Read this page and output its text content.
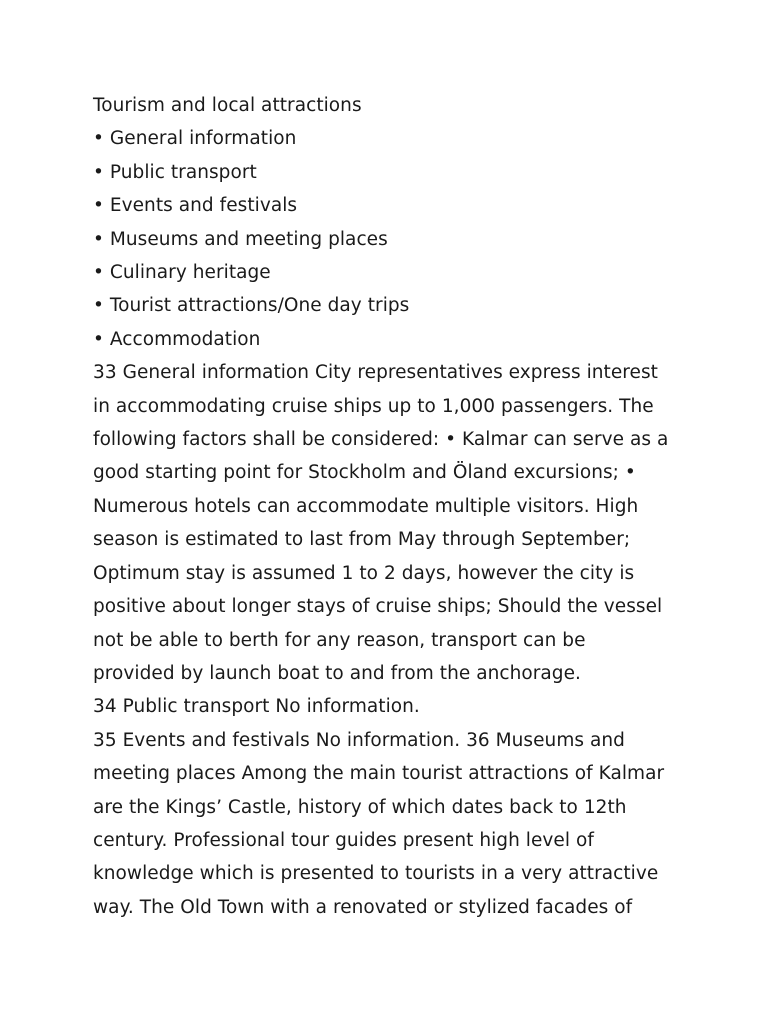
Tourism and local attractions

• General information

• Public transport

• Events and festivals

• Museums and meeting places

• Culinary heritage

• Tourist attractions/One day trips

• Accommodation

33 General information City representatives express interest

in accommodating cruise ships up to 1,000 passengers. The

following factors shall be considered: • Kalmar can serve as a

good starting point for Stockholm and Öland excursions; •

Numerous hotels can accommodate multiple visitors. High

season is estimated to last from May through September;

Optimum stay is assumed 1 to 2 days, however the city is

positive about longer stays of cruise ships; Should the vessel

not be able to berth for any reason, transport can be

provided by launch boat to and from the anchorage.

34 Public transport No information.

35 Events and festivals No information. 36 Museums and

meeting places Among the main tourist attractions of Kalmar

are the Kings’ Castle, history of which dates back to 12th

century. Professional tour guides present high level of

knowledge which is presented to tourists in a very attractive

way. The Old Town with a renovated or stylized facades of
